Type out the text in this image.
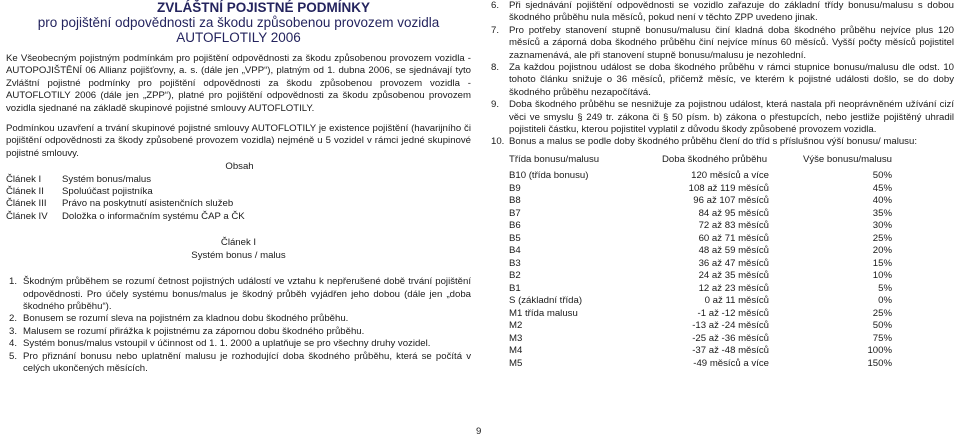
ZVLÁŠTNÍ POJISTNÉ PODMÍNKY
pro pojištění odpovědnosti za škodu způsobenou provozem vozidla
AUTOFLOTILY 2006

Ke Všeobecným pojistným podmínkám pro pojištění odpovědnosti za škodu způsobenou provozem vozidla - AUTOPOJIŠTĚNÍ 06 Allianz pojišťovny, a. s. (dále jen „VPP“), platným od 1. dubna 2006, se sjednávají tyto Zvláštní pojistné podmínky pro pojištění odpovědnosti za škodu způsobenou provozem vozidla - AUTOFLOTILY 2006 (dále jen „ZPP“), platné pro pojištění odpovědnosti za škodu způsobenou provozem vozidla sjednané na základě skupinové pojistné smlouvy AUTOFLOTILY.

Podmínkou uzavření a trvání skupinové pojistné smlouvy AUTOFLOTILY je existence pojištění (havarijního či pojištění odpovědnosti za škody způsobené provozem vozidla) nejméně u 5 vozidel v rámci jedné skupinové pojistné smlouvy.

Obsah
Článek I	Systém bonus/malus
Článek II	Spoluúčast pojistníka
Článek III	Právo na poskytnutí asistenčních služeb
Článek IV	Doložka o informačním systému ČAP a ČK
Článek I
Systém bonus / malus
1. Škodným průběhem se rozumí četnost pojistných událostí ve vztahu k nepřerušené době trvání pojištění odpovědnosti. Pro účely systému bonus/malus je škodný průběh vyjádřen jeho dobou (dále jen „doba škodného průběhu“).
2. Bonusem se rozumí sleva na pojistném za kladnou dobu škodného průběhu.
3. Malusem se rozumí přirážka k pojistnému za zápornou dobu škodného průběhu.
4. Systém bonus/malus vstoupil v účinnost od 1. 1. 2000 a uplatňuje se pro všechny druhy vozidel.
5. Pro přiznání bonusu nebo uplatnění malusu je rozhodující doba škodného průběhu, která se počítá v celých ukončených měsících.
6. Při sjednávání pojištění odpovědnosti se vozidlo zařazuje do základní třídy bonusu/malusu s dobou škodného průběhu nula měsíců, pokud není v těchto ZPP uvedeno jinak.
7. Pro potřeby stanovení stupně bonusu/malusu činí kladná doba škodného průběhu nejvíce plus 120 měsíců a záporná doba škodného průběhu činí nejvíce mínus 60 měsíců. Vyšší počty měsíců pojistitel zaznamenává, ale při stanovení stupně bonusu/malusu je nezohlední.
8. Za každou pojistnou událost se doba škodného průběhu v rámci stupnice bonusu/malusu dle odst. 10 tohoto článku snižuje o 36 měsíců, přičemž měsíc, ve kterém k pojistné události došlo, se do doby škodného průběhu nezapočítává.
9. Doba škodného průběhu se nesnižuje za pojistnou událost, která nastala při neoprávněném užívání cizí věci ve smyslu § 249 tr. zákona či § 50 písm. b) zákona o přestupcích, nebo jestliže pojištěný uhradil pojistiteli částku, kterou pojistitel vyplatil z důvodu škody způsobené provozem vozidla.
10. Bonus a malus se podle doby škodného průběhu člení do tříd s příslušnou výší bonusu/ malusu:
Třída bonusu/malusu	Doba škodného průběhu	Výše bonusu/malusu
B10 (třída bonusu)	120 měsíců a více	50%
B9	108 až 119 měsíců	45%
B8	96 až 107 měsíců	40%
B7	84 až 95 měsíců	35%
B6	72 až 83 měsíců	30%
B5	60 až 71 měsíců	25%
B4	48 až 59 měsíců	20%
B3	36 až 47 měsíců	15%
B2	24 až 35 měsíců	10%
B1	12 až 23 měsíců	5%
S (základní třída)	0 až 11 měsíců	0%
M1 třída malusu	-1 až -12 měsíců	25%
M2	-13 až -24 měsíců	50%
M3	-25 až -36 měsíců	75%
M4	-37 až -48 měsíců	100%
M5	-49 měsíců a více	150%
9
